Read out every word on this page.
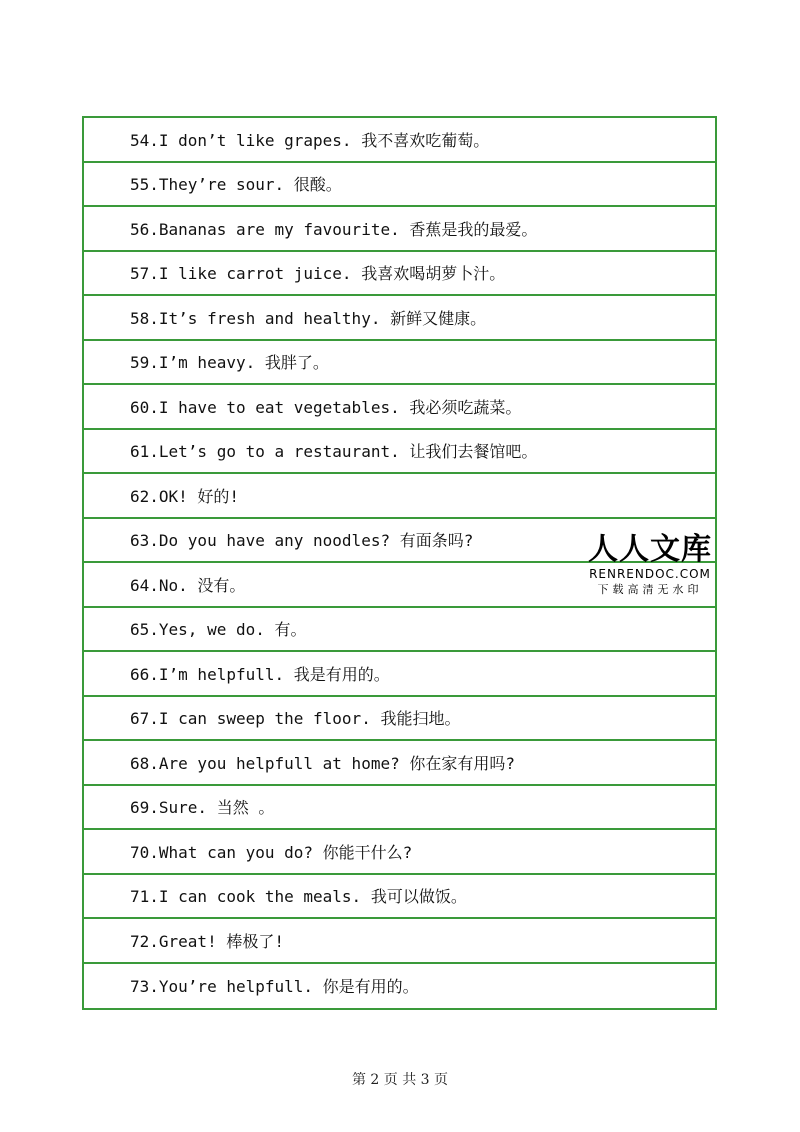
54.I don’t like grapes. 我不喜欢吃葡萄。
55.They’re sour. 很酸。
56.Bananas are my favourite. 香蕉是我的最爱。
57.I like carrot juice. 我喜欢喝胡萝卜汁。
58.It’s fresh and healthy. 新鲜又健康。
59.I’m heavy. 我胖了。
60.I have to eat vegetables. 我必须吃蔬菜。
61.Let’s go to a restaurant. 让我们去餐馆吧。
62.OK! 好的!
63.Do you have any noodles? 有面条吗?
64.No. 没有。
65.Yes, we do. 有。
66.I’m helpfull. 我是有用的。
67.I can sweep the floor. 我能扫地。
68.Are you helpfull at home? 你在家有用吗?
69.Sure. 当然 。
70.What can you do? 你能干什么?
71.I can cook the meals. 我可以做饭。
72.Great! 棒极了!
73.You’re helpfull. 你是有用的。
人人文库
RENRENDOC.COM
下载高清无水印
第 2 页 共 3 页
